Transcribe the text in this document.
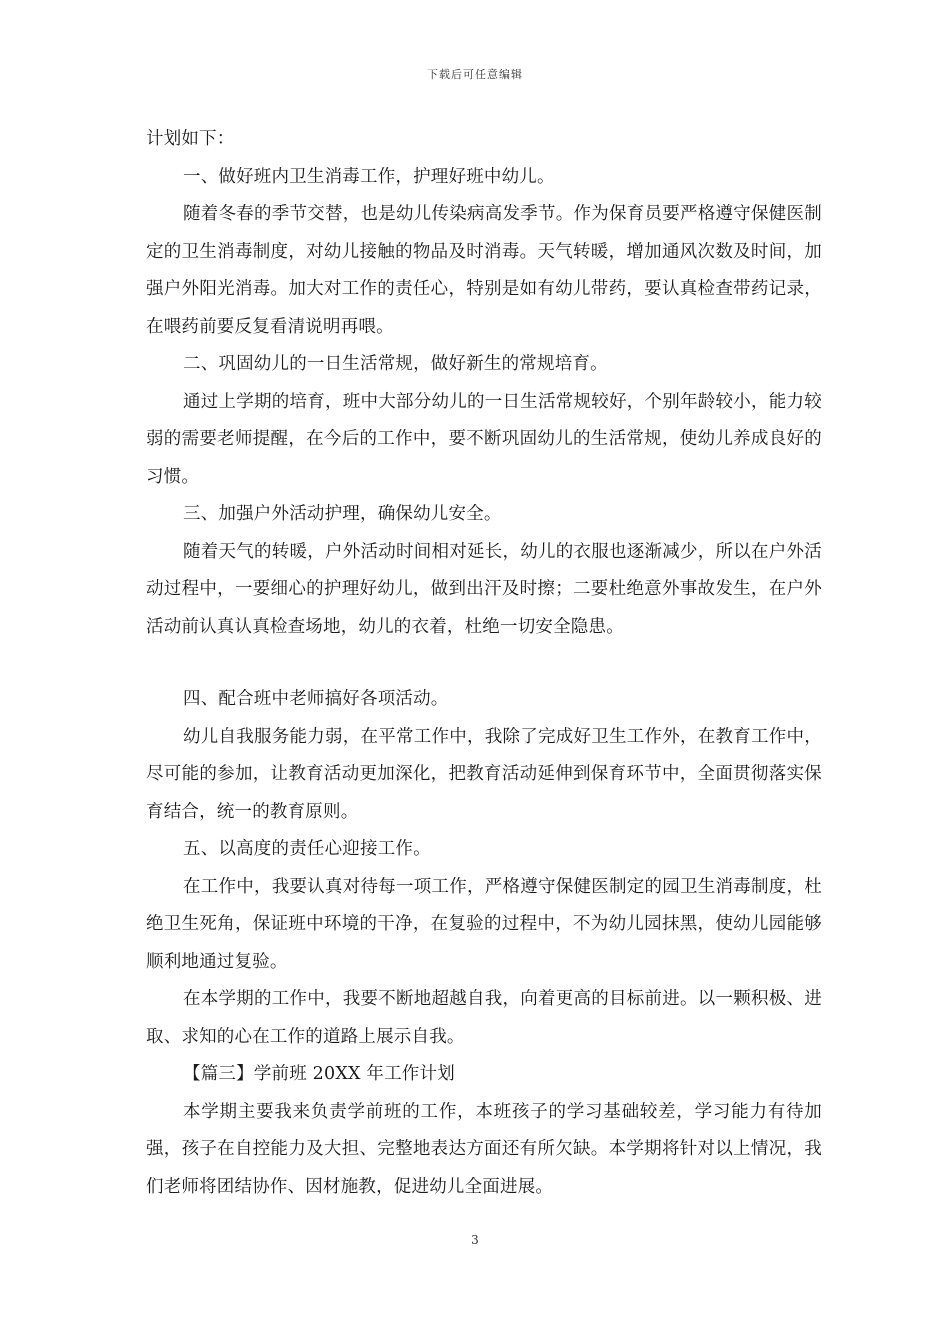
下载后可任意编辑

计划如下：

一、做好班内卫生消毒工作，护理好班中幼儿。

随着冬春的季节交替，也是幼儿传染病高发季节。作为保育员要严格遵守保健医制定的卫生消毒制度，对幼儿接触的物品及时消毒。天气转暖，增加通风次数及时间，加强户外阳光消毒。加大对工作的责任心，特别是如有幼儿带药，要认真检查带药记录，在喂药前要反复看清说明再喂。

二、巩固幼儿的一日生活常规，做好新生的常规培育。

通过上学期的培育，班中大部分幼儿的一日生活常规较好，个别年龄较小，能力较弱的需要老师提醒，在今后的工作中，要不断巩固幼儿的生活常规，使幼儿养成良好的习惯。

三、加强户外活动护理，确保幼儿安全。

随着天气的转暖，户外活动时间相对延长，幼儿的衣服也逐渐减少，所以在户外活动过程中，一要细心的护理好幼儿，做到出汗及时擦；二要杜绝意外事故发生，在户外活动前认真认真检查场地，幼儿的衣着，杜绝一切安全隐患。

四、配合班中老师搞好各项活动。

幼儿自我服务能力弱，在平常工作中，我除了完成好卫生工作外，在教育工作中，尽可能的参加，让教育活动更加深化，把教育活动延伸到保育环节中，全面贯彻落实保育结合，统一的教育原则。

五、以高度的责任心迎接工作。

在工作中，我要认真对待每一项工作，严格遵守保健医制定的园卫生消毒制度，杜绝卫生死角，保证班中环境的干净，在复验的过程中，不为幼儿园抹黑，使幼儿园能够顺利地通过复验。

在本学期的工作中，我要不断地超越自我，向着更高的目标前进。以一颗积极、进取、求知的心在工作的道路上展示自我。

【篇三】学前班 20XX 年工作计划

本学期主要我来负责学前班的工作，本班孩子的学习基础较差，学习能力有待加强，孩子在自控能力及大担、完整地表达方面还有所欠缺。本学期将针对以上情况，我们老师将团结协作、因材施教，促进幼儿全面进展。

3
